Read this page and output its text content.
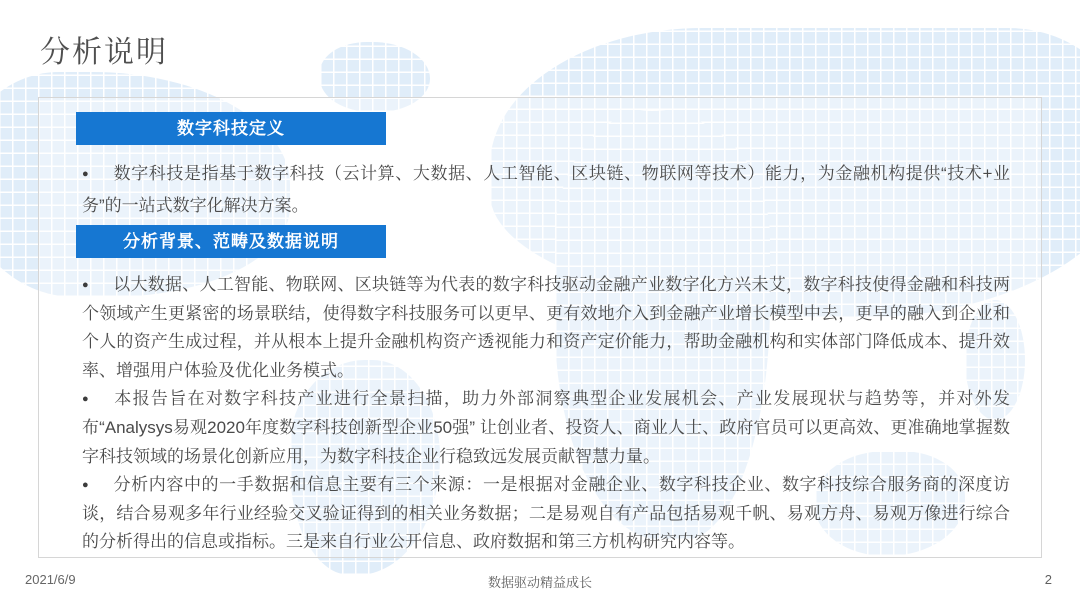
分析说明
数字科技定义
● 数字科技是指基于数字科技（云计算、大数据、人工智能、区块链、物联网等技术）能力，为金融机构提供“技术+业务”的一站式数字化解决方案。
分析背景、范畴及数据说明
● 以大数据、人工智能、物联网、区块链等为代表的数字科技驱动金融产业数字化方兴未艾，数字科技使得金融和科技两个领域产生更紧密的场景联结，使得数字科技服务可以更早、更有效地介入到金融产业增长模型中去，更早的融入到企业和个人的资产生成过程，并从根本上提升金融机构资产透视能力和资产定价能力，帮助金融机构和实体部门降低成本、提升效率、增强用户体验及优化业务模式。
● 本报告旨在对数字科技产业进行全景扫描，助力外部洞察典型企业发展机会、产业发展现状与趋势等，并对外发布“Analysys易观2020年度数字科技创新型企业50强” 让创业者、投资人、商业人士、政府官员可以更高效、更准确地掌握数字科技领域的场景化创新应用，为数字科技企业行稳致远发展贡献智慧力量。
● 分析内容中的一手数据和信息主要有三个来源：一是根据对金融企业、数字科技企业、数字科技综合服务商的深度访谈，结合易观多年行业经验交叉验证得到的相关业务数据；二是易观自有产品包括易观千帆、易观方舟、易观万像进行综合的分析得出的信息或指标。三是来自行业公开信息、政府数据和第三方机构研究内容等。
2021/6/9	数据驱动精益成长	2
